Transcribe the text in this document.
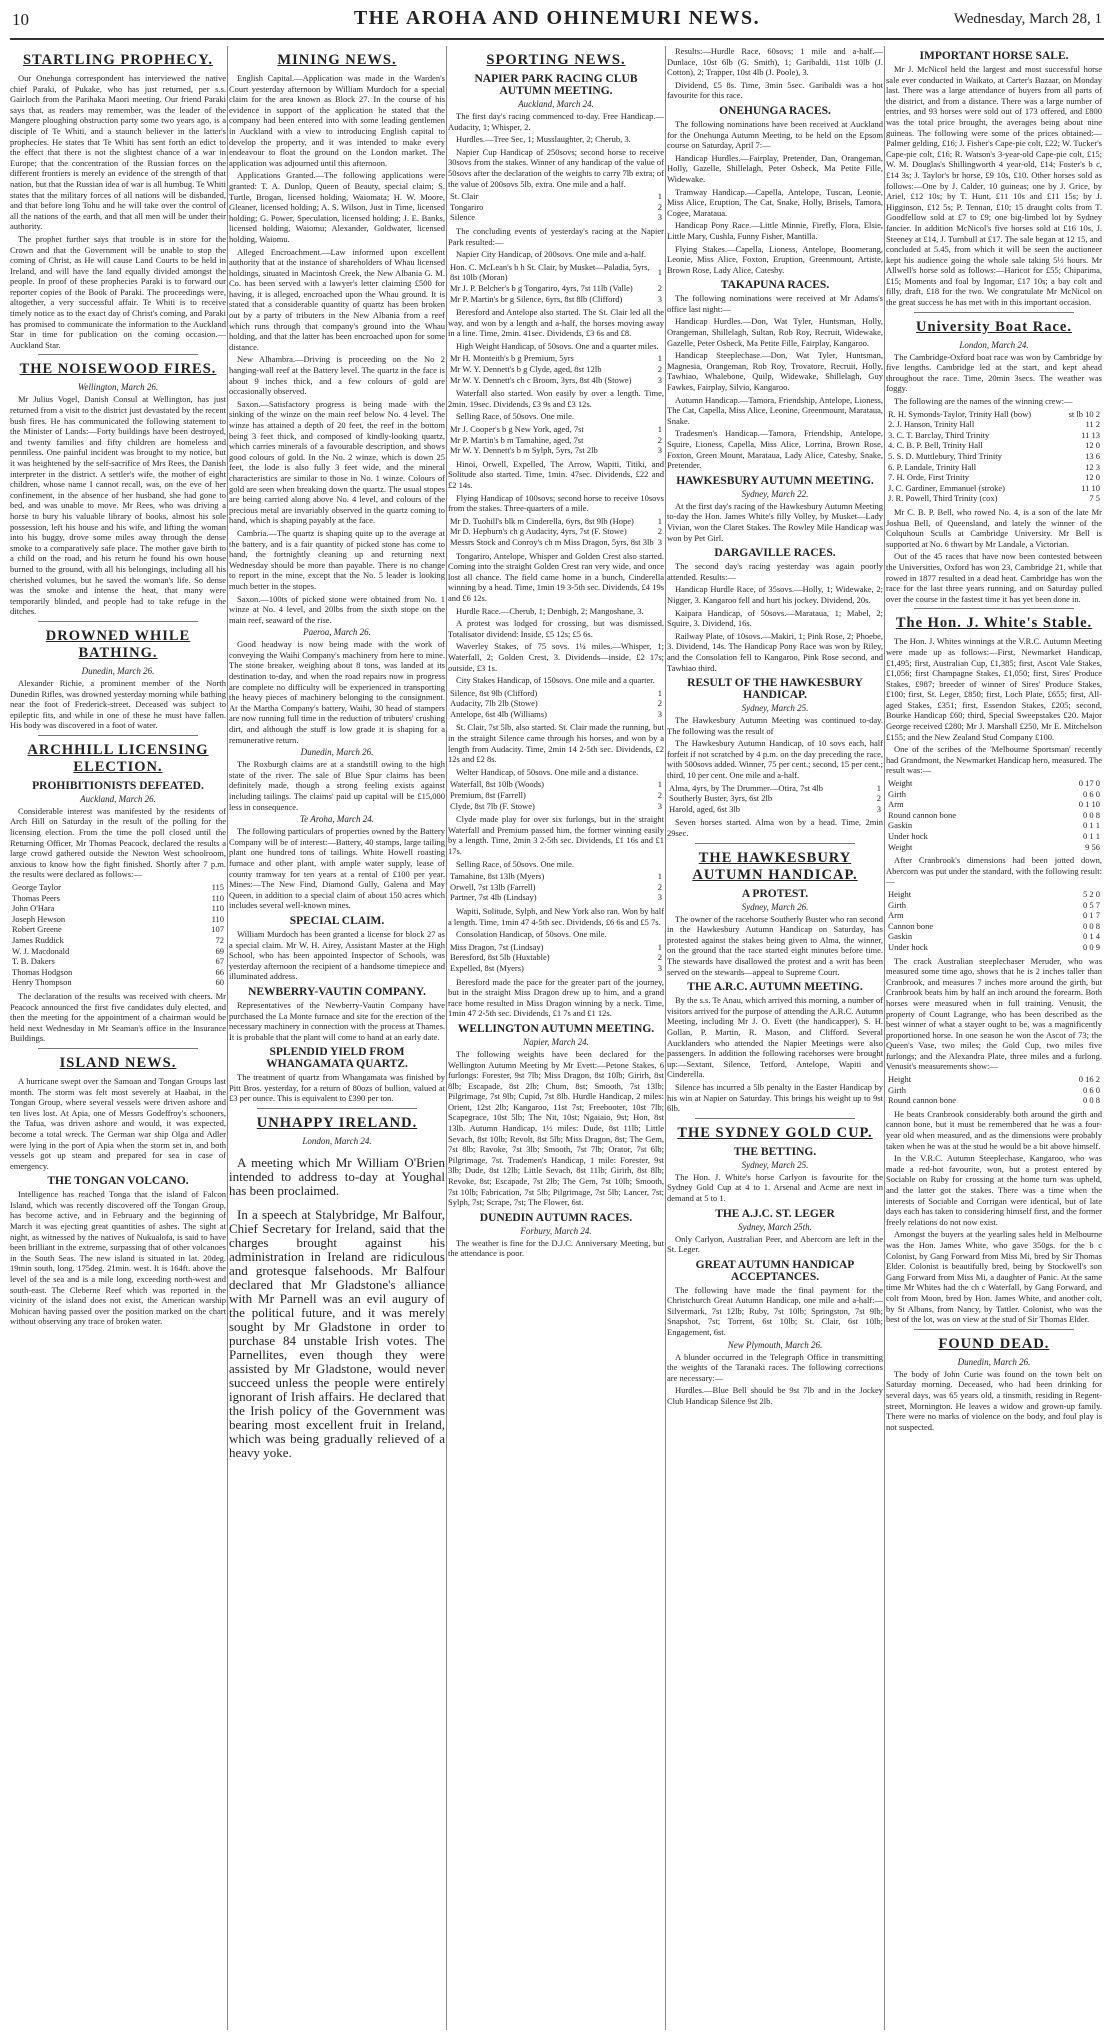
10	THE AROHA AND OHINEMURI NEWS.	Wednesday, March 28, 1
STARTLING PROPHECY.

Our Onehunga correspondent has interviewed the native chief Paraki, of Pukake, who has just returned, per s.s. Gairloch from the Parihaka Maori meeting. Our friend Paraki says that, as readers may remember, was the leader of the Mangere ploughing obstruction party some two years ago, is a disciple of Te Whiti, and a staunch believer in the latter's prophecies. He states that Te Whiti has sent forth an edict to the effect that there is not the slightest chance of a war in Europe; that the concentration of the Russian forces on the different frontiers is merely an evidence of the strength of that nation, but that the Russian idea of war is all humbug. Te Whiti states that the military forces of all nations will be disbanded, and that before long Tohu and he will take over the control of all the nations of the earth, and that all men will be under their authority.

The prophet further says that trouble is in store for the Crown and that the Government will be unable to stop the coming of Christ, as He will cause Land Courts to be held in Ireland, and will have the land equally divided amongst the people. In proof of these prophecies Paraki is to forward our reporter copies of the Book of Paraki. The proceedings were, altogether, a very successful affair. Te Whiti is to receive timely notice as to the exact day of Christ's coming, and Paraki has promised to communicate the information to the Auckland Star in time for publication on the coming occasion.—Auckland Star.

THE NOISEWOOD FIRES.
Wellington, March 26.

Mr Julius Vogel, Danish Consul at Wellington, has just returned from a visit to the district just devastated by the recent bush fires. He has communicated the following statement to the Minister of Lands:—Forty buildings have been destroyed, and twenty families and fifty children are homeless and penniless. One painful incident was brought to my notice, but it was heightened by the self-sacrifice of Mrs Rees, the Danish interpreter in the district. A settler's wife, the mother of eight children, whose name I cannot recall, was, on the eve of her confinement, in the absence of her husband, she had gone to bed, and was unable to move. Mr Rees, who was driving a horse to bury his valuable library of books, almost his sole possession, left his house and his wife, and lifting the woman into his buggy, drove some miles away through the dense smoke to a comparatively safe place. The mother gave birth to a child on the road, and his return he found his own house burned to the ground, with all his belongings, including all his cherished volumes, but he saved the woman's life. So dense was the smoke and intense the heat, that many were temporarily blinded, and people had to take refuge in the ditches.

DROWNED WHILE BATHING.
Dunedin, March 26.

Alexander Richie, a prominent member of the North Dunedin Rifles, was drowned yesterday morning while bathing near the foot of Frederick-street. Deceased was subject to epileptic fits, and while in one of these he must have fallen. His body was discovered in a foot of water.

ARCHHILL LICENSING ELECTION.
PROHIBITIONISTS DEFEATED.
Auckland, March 26.

Considerable interest was manifested by the residents of Arch Hill on Saturday in the result of the polling for the licensing election. From the time the poll closed until the Returning Officer, Mr Thomas Peacock, declared the results a large crowd gathered outside the Newton West schoolroom, anxious to know how the fight finished. Shortly after 7 p.m. the results were declared as follows:—

George Taylor	115
Thomas Peers	110
John O'Hara	110
Joseph Hewson	110
Robert Greene	107
James Ruddick	72
W. J. Macdonald	69
T. B. Dakers	67
Thomas Hodgson	66
Henry Thompson	60

The declaration of the results was received with cheers. Mr Peacock announced the first five candidates duly elected, and then the meeting for the appointment of a chairman would be held next Wednesday in Mr Seaman's office in the Insurance Buildings.

ISLAND NEWS.

A hurricane swept over the Samoan and Tongan Groups last month. The storm was felt most severely at Haabai, in the Tongan Group, where several vessels were driven ashore and ten lives lost. At Apia, one of Messrs Godeffroy's schooners, the Tafua, was driven ashore and would, it was expected, become a total wreck. The German war ship Olga and Adler were lying in the port of Apia when the storm set in, and both vessels got up steam and prepared for sea in case of emergency.

THE TONGAN VOLCANO.

Intelligence has reached Tonga that the island of Falcon Island, which was recently discovered off the Tongan Group, has become active, and in February and the beginning of March it was ejecting great quantities of ashes. The sight at night, as witnessed by the natives of Nukualofa, is said to have been brilliant in the extreme, surpassing that of other volcanoes in the South Seas. The new island is situated in lat. 20deg. 19min south, long. 175deg. 21min. west. It is 164ft. above the level of the sea and is a mile long, exceeding north-west and south-east. The Cleberne Reef which was reported in the vicinity of the island does not exist, the American warship Mohican having passed over the position marked on the chart without observing any trace of broken water.

MINING NEWS.

English Capital.—Application was made in the Warden's Court yesterday afternoon by William Murdoch for a special claim for the area known as Block 27. In the course of his evidence in support of the application he stated that the company had been entered into with some leading gentlemen in Auckland with a view to introducing English capital to develop the property, and it was intended to make every endeavour to float the ground on the London market. The application was adjourned until this afternoon.

Applications Granted.—The following applications were granted: T. A. Dunlop, Queen of Beauty, special claim; S. Turtle, Brogan, licensed holding, Waiomata; H. W. Moore, Gleaner, licensed holding; A. S. Wilson, Just in Time, licensed holding; G. Power, Speculation, licensed holding; J. E. Banks, licensed holding, Waiomu; Alexander, Goldwater, licensed holding, Waiomu.

Alleged Encroachment.—Law informed upon excellent authority that at the instance of shareholders of Whau licensed holdings, situated in Macintosh Creek, the New Albania G. M. Co. has been served with a lawyer's letter claiming £500 for having, it is alleged, encroached upon the Whau ground. It is stated that a considerable quantity of quartz has been broken out by a party of tributers in the New Albania from a reef which runs through that company's ground into the Whau holding, and that the latter has been encroached upon for some distance.

New Alhambra.—Driving is proceeding on the No 2 hanging-wall reef at the Battery level. The quartz in the face is about 9 inches thick, and a few colours of gold are occasionally observed.

Saxon.—Satisfactory progress is being made with the sinking of the winze on the main reef below No. 4 level. The winze has attained a depth of 20 feet, the reef in the bottom being 3 feet thick, and composed of kindly-looking quartz, which carries minerals of a favourable description, and shows good colours of gold. In the No. 2 winze, which is down 25 feet, the lode is also fully 3 feet wide, and the mineral characteristics are similar to those in No. 1 winze. Colours of gold are seen when breaking down the quartz. The usual stopes are being carried along above No. 4 level, and colours of the precious metal are invariably observed in the quartz coming to hand, which is shaping payably at the face.

Cambria.—The quartz is shaping quite up to the average at the battery, and is a fair quantity of picked stone has come to hand, the fortnightly cleaning up and returning next Wednesday should be more than payable. There is no change to report in the mine, except that the No. 5 leader is looking much better in the stopes.

Saxon.—100ts of picked stone were obtained from No. 1 winze at No. 4 level, and 20lbs from the sixth stope on the main reef, seaward of the rise.

Paeroa, March 26.

Good headway is now being made with the work of conveying the Waihi Company's machinery from here to mine. The stone breaker, weighing about 8 tons, was landed at its destination to-day, and when the road repairs now in progress are complete no difficulty will be experienced in transporting the heavy pieces of machinery belonging to the consignment. At the Martha Company's battery, Waihi, 30 head of stampers are now running full time in the reduction of tributers' crushing dirt, and although the stuff is low grade it is shaping for a remunerative return.

Dunedin, March 26.

The Roxburgh claims are at a standstill owing to the high state of the river. The sale of Blue Spur claims has been definitely made, though a strong feeling exists against including tailings. The claims' paid up capital will be £15,000 less in consequence.

Te Aroha, March 24.

The following particulars of properties owned by the Battery Company will be of interest:—Battery, 40 stamps, large tailing plant one hundred tons of tailings. White Howell roasting furnace and other plant, with ample water supply, lease of county tramway for ten years at a rental of £100 per year. Mines:—The New Find, Diamond Gully, Galena and May Queen, in addition to a special claim of about 150 acres which includes several well-known mines.

SPECIAL CLAIM.

William Murdoch has been granted a license for block 27 as a special claim. Mr W. H. Airey, Assistant Master at the High School, who has been appointed Inspector of Schools, was yesterday afternoon the recipient of a handsome timepiece and illuminated address.

NEWBERRY-VAUTIN COMPANY.

Representatives of the Newberry-Vautin Company have purchased the La Monte furnace and site for the erection of the necessary machinery in connection with the process at Thames. It is probable that the plant will come to hand at an early date.

SPLENDID YIELD FROM WHANGAMATA QUARTZ.

The treatment of quartz from Whangamata was finished by Pitt Bros. yesterday, for a return of 80ozs of bullion, valued at £3 per ounce. This is equivalent to £390 per ton.

UNHAPPY IRELAND.
London, March 24.

A meeting which Mr William O'Brien intended to address to-day at Youghal has been proclaimed.

In a speech at Stalybridge, Mr Balfour, Chief Secretary for Ireland, said that the charges brought against his administration in Ireland are ridiculous and grotesque falsehoods. Mr Balfour declared that Mr Gladstone's alliance with Mr Parnell was an evil augury of the political future, and it was merely sought by Mr Gladstone in order to purchase 84 unstable Irish votes. The Parnellites, even though they were assisted by Mr Gladstone, would never succeed unless the people were entirely ignorant of Irish affairs. He declared that the Irish policy of the Government was bearing most excellent fruit in Ireland, which was being gradually relieved of a heavy yoke.

SPORTING NEWS.
NAPIER PARK RACING CLUB AUTUMN MEETING.
Auckland, March 24.

The first day's racing commenced to-day. Free Handicap.—Audacity, 1; Whisper, 2.

Hurdles.—Tree Sec, 1; Musslaughter, 2; Cherub, 3.

Napier Cup Handicap of 250sovs; second horse to receive 30sovs from the stakes. Winner of any handicap of the value of 50sovs after the declaration of the weights to carry 7lb extra; of the value of 200sovs 5lb, extra. One mile and a half.

St. Clair	1
Tongariro	2
Silence	3

The concluding events of yesterday's racing at the Napier Park resulted:—

Napier City Handicap, of 200sovs. One mile and a-half.

Hon. C. McLean's b h St. Clair, by Musket—Paladia, 5yrs, 8st 10lb (Moran)	1
Mr J. P. Belcher's b g Tongariro, 4yrs, 7st 11lb (Valle)	2
Mr P. Martin's br g Silence, 6yrs, 8st 8lb (Clifford)	3

Beresford and Antelope also started. The St. Clair led all the way, and won by a length and a-half, the horses moving away in a line. Time, 2min. 41sec. Dividends, £3 6s and £8.

High Weight Handicap, of 50sovs. One and a quarter miles.

Mr H. Monteith's b g Premium, 5yrs	1
Mr W. Y. Dennett's b g Clyde, aged, 8st 12lb	2
Mr W. Y. Dennett's ch c Broom, 3yrs, 8st 4lb (Stowe)	3

Waterfall also started. Won easily by over a length. Time, 2min. 19sec. Dividends, £3 9s and £3 12s.

Selling Race, of 50sovs. One mile.

Mr J. Cooper's b g New York, aged, 7st	1
Mr P. Martin's b m Tamahine, aged, 7st	2
Mr W. Y. Dennett's b m Sylph, 5yrs, 7st 2lb	3

Hinoi, Orwell, Expelled, The Arrow, Wapiti, Titiki, and Solitude also started. Time, 1min. 47sec. Dividends, £22 and £2 14s.

Flying Handicap of 100sovs; second horse to receive 10sovs from the stakes. Three-quarters of a mile.

Mr D. Tuohill's blk m Cinderella, 6yrs, 8st 9lb (Hope)	1
Mr D. Hepburn's ch g Audacity, 4yrs, 7st (F. Stowe)	2
Messrs Stock and Conroy's ch m Miss Dragon, 5yrs, 8st 3lb	3

Tongariro, Antelope, Whisper and Golden Crest also started. Coming into the straight Golden Crest ran very wide, and once lost all chance. The field came home in a bunch, Cinderella winning by a head. Time, 1min 19 3-5th sec. Dividends, £4 19s and £6 12s.

Hurdle Race.—Cherub, 1; Denbigh, 2; Mangoshane, 3.

A protest was lodged for crossing, but was dismissed. Totalisator dividend: Inside, £5 12s; £5 6s.

Waverley Stakes, of 75 sovs. 1¼ miles.—Whisper, 1; Waterfall, 2; Golden Crest, 3. Dividends—inside, £2 17s; outside, £3 1s.

City Stakes Handicap, of 150sovs. One mile and a quarter.

Silence, 8st 9lb (Clifford)	1
Audacity, 7lb 2lb (Stowe)	2
Antelope, 6st 4lb (Williams)	3

St. Clair, 7st 5lb, also started. St. Clair made the running, but in the straight Silence came through his horses, and won by a length from Audacity. Time, 2min 14 2-5th sec. Dividends, £2 12s and £2 8s.

Welter Handicap, of 50sovs. One mile and a distance.

Waterfall, 8st 10lb (Woods)	1
Premium, 8st (Farrell)	2
Clyde, 8st 7lb (F. Stowe)	3

Clyde made play for over six furlongs, but in the straight Waterfall and Premium passed him, the former winning easily by a length. Time, 2min 3 2-5th sec. Dividends, £1 16s and £1 17s.

Selling Race, of 50sovs. One mile.

Tamahine, 8st 13lb (Myers)	1
Orwell, 7st 13lb (Farrell)	2
Partner, 7st 4lb (Lindsay)	3

Wapiti, Solitude, Sylph, and New York also ran. Won by half a length. Time, 1min 47 4-5th sec. Dividends, £6 6s and £5 7s.

Consolation Handicap, of 50sovs. One mile.

Miss Dragon, 7st (Lindsay)	1
Beresford, 8st 5lb (Huxtable)	2
Expelled, 8st (Myers)	3

Beresford made the pace for the greater part of the journey, but in the straight Miss Dragon drew up to him, and a grand race home resulted in Miss Dragon winning by a neck. Time, 1min 47 2-5th sec. Dividends, £1 7s and £1 12s.

WELLINGTON AUTUMN MEETING.
Napier, March 24.

The following weights have been declared for the Wellington Autumn Meeting by Mr Evett:—Petone Stakes, 6 furlongs: Forester, 9st 7lb; Miss Dragon, 8st 10lb; Girirh, 8st 8lb; Escapade, 8st 2lb; Chum, 8st; Smooth, 7st 13lb; Pilgrimage, 7st 9lb; Cupid, 7st 8lb. Hurdle Handicap, 2 miles: Orient, 12st 2lb; Kangaroo, 11st 7st; Freebooter, 10st 7lb; Scapegrace, 10st 5lb; The Nit, 10st; Ngaiaio, 9st; Hon, 8st 13lb. Autumn Handicap, 1½ miles: Dude, 8st 11lb; Little Sevach, 8st 10lb; Revolt, 8st 5lb; Miss Dragon, 8st; The Gem, 7st 8lb; Ravoke, 7st 3lb; Smooth, 7st 7lb; Orator, 7st 6lb; Pilgrimage, 7st. Trademen's Handicap, 1 mile: Forester, 9st 3lb; Dude, 8st 12lb; Little Sevach, 8st 11lb; Girirh, 8st 8lb; Revoke, 8st; Escapade, 7st 2lb; The Gem, 7st 10lb; Smooth, 7st 10lb; Fabrication, 7st 5lb; Pilgrimage, 7st 5lb; Lancer, 7st; Sylph, 7st; Scrape, 7st; The Flower, 6st.

DUNEDIN AUTUMN RACES.
Forbury, March 24.

The weather is fine for the D.J.C. Anniversary Meeting, but the attendance is poor.

Results:—Hurdle Race, 60sovs; 1 mile and a-half.—Dunlace, 10st 6lb (G. Smith), 1; Garibaldi, 11st 10lb (J. Cotton), 2; Trapper, 10st 4lb (J. Poole), 3.

Dividend, £5 8s. Time, 3min 5sec. Garibaldi was a hot favourite for this race.

ONEHUNGA RACES.

The following nominations have been received at Auckland for the Onehunga Autumn Meeting, to be held on the Epsom course on Saturday, April 7:—

Handicap Hurdles.—Fairplay, Pretender, Dan, Orangeman, Holly, Gazelle, Shillelagh, Peter Osbeck, Ma Petite Fille, Widewake.

Tramway Handicap.—Capella, Antelope, Tuscan, Leonie, Miss Alice, Eruption, The Cat, Snake, Holly, Brisels, Tamora, Cogee, Marataua.

Handicap Pony Race.—Little Minnie, Firefly, Flora, Elsie, Little Mary, Cushla, Funny Fisher, Mantilla.

Flying Stakes.—Capella, Lioness, Antelope, Boomerang, Leonie, Miss Alice, Foxton, Eruption, Greenmount, Artiste, Brown Rose, Lady Alice, Catesby.

TAKAPUNA RACES.

The following nominations were received at Mr Adams's office last night:—

Handicap Hurdles.—Don, Wat Tyler, Huntsman, Holly, Orangeman, Shillelagh, Sultan, Rob Roy, Recruit, Widewake, Gazelle, Peter Osbeck, Ma Petite Fille, Fairplay, Kangaroo.

Handicap Steeplechase.—Don, Wat Tyler, Huntsman, Magnesia, Orangeman, Rob Roy, Trovatore, Recruit, Holly, Tawhiao, Whalebone, Quilp, Widewake, Shillelagh, Guy Fawkes, Fairplay, Silvio, Kangaroo.

Autumn Handicap.—Tamora, Friendship, Antelope, Lioness, The Cat, Capella, Miss Alice, Leonine, Greenmount, Marataua, Snake.

Tradesmen's Handicap.—Tamora, Friendship, Antelope, Squire, Lioness, Capella, Miss Alice, Lorrina, Brown Rose, Foxton, Green Mount, Marataua, Lady Alice, Catesby, Snake, Pretender.

HAWKESBURY AUTUMN MEETING.
Sydney, March 22.

At the first day's racing of the Hawkesbury Autumn Meeting to-day the Hon. James White's filly Volley, by Musket—Lady Vivian, won the Claret Stakes. The Rowley Mile Handicap was won by Pet Girl.

DARGAVILLE RACES.

The second day's racing yesterday was again poorly attended. Results:—

Handicap Hurdle Race, of 35sovs.—Holly, 1; Widewake, 2; Nigger, 3. Kangaroo fell and hurt his jockey. Dividend, 20s.

Kaipara Handicap, of 50sovs.—Marataua, 1; Mabel, 2; Squire, 3. Dividend, 16s.

Railway Plate, of 10sovs.—Makiri, 1; Pink Rose, 2; Phoebe, 3. Dividend, 14s. The Handicap Pony Race was won by Riley, and the Consolation fell to Kangaroo, Pink Rose second, and Tawhiao third.

RESULT OF THE HAWKESBURY HANDICAP.
Sydney, March 25.

The Hawkesbury Autumn Meeting was continued to-day. The following was the result of

The Hawkesbury Autumn Handicap, of 10 sovs each, half forfeit if not scratched by 4 p.m. on the day preceding the race, with 500sovs added. Winner, 75 per cent.; second, 15 per cent.; third, 10 per cent. One mile and a-half.

Alma, 4yrs, by The Drummer—Otira, 7st 4lb	1
Southerly Buster, 3yrs, 6st 2lb	2
Harold, aged, 6st 3lb	3

Seven horses started. Alma won by a head. Time, 2min 29sec.

THE HAWKESBURY AUTUMN HANDICAP.
A PROTEST.
Sydney, March 26.

The owner of the racehorse Southerly Buster who ran second in the Hawkesbury Autumn Handicap on Saturday, has protested against the stakes being given to Alma, the winner, on the ground that the race started eight minutes before time. The stewards have disallowed the protest and a writ has been served on the stewards—appeal to Supreme Court.

THE A.R.C. AUTUMN MEETING.

By the s.s. Te Anau, which arrived this morning, a number of visitors arrived for the purpose of attending the A.R.C. Autumn Meeting, including Mr J. O. Evett (the handicapper), S. H. Gollan, P. Martin, R. Mason, and Clifford. Several Aucklanders who attended the Napier Meetings were also passengers. In addition the following racehorses were brought up:—Sextant, Silence, Tetford, Antelope, Wapiti and Cinderella.

Silence has incurred a 5lb penalty in the Easter Handicap by his win at Napier on Saturday. This brings his weight up to 9st 6lb.

THE SYDNEY GOLD CUP.
THE BETTING.
Sydney, March 25.

The Hon. J. White's horse Carlyon is favourite for the Sydney Gold Cup at 4 to 1. Arsenal and Acme are next in demand at 5 to 1.

THE A.J.C. ST. LEGER
Sydney, March 25th.

Only Carlyon, Australian Peer, and Abercorn are left in the St. Leger.

GREAT AUTUMN HANDICAP ACCEPTANCES.

The following have made the final payment for the Christchurch Great Autumn Handicap, one mile and a-half:—Silvermark, 7st 12lb; Ruby, 7st 10lb; Springston, 7st 9lb; Snapshot, 7st; Torrent, 6st 10lb; St. Clair, 6st 10lb; Engagement, 6st.

New Plymouth, March 26.

A blunder occurred in the Telegraph Office in transmitting the weights of the Taranaki races. The following corrections are necessary:—

Hurdles.—Blue Bell should be 9st 7lb and in the Jockey Club Handicap Silence 9st 2lb.

IMPORTANT HORSE SALE.

Mr J. McNicol held the largest and most successful horse sale ever conducted in Waikato, at Carter's Bazaar, on Monday last. There was a large attendance of buyers from all parts of the district, and from a distance. There was a large number of entries, and 93 horses were sold out of 173 offered, and £800 was the total price brought, the averages being about nine guineas. The following were some of the prices obtained:—Palmer gelding, £16; J. Fisher's Cape-pie colt, £22; W. Tucker's Cape-pie colt, £16; R. Watson's 3-year-old Cape-pie colt, £15; W. M. Douglas's Shillingworth 4 year-old, £14; Foster's b c, £14 3s; J. Taylor's br horse, £9 10s, £10. Other horses sold as follows:—One by J. Calder, 10 guineas; one by J. Grice, by Ariel, £12 10s; by T. Hunt, £11 10s and £11 15s; by J. Higginson, £12 5s; P. Tennan, £10; 15 draught colts from T. Goodfellow sold at £7 to £9; one big-limbed lot by Sydney fancier. In addition McNicol's five horses sold at £16 10s, J. Steeney at £14, J. Turnbull at £17. The sale began at 12 15, and concluded at 5.45, from which it will be seen the auctioneer kept his audience going the whole sale taking 5½ hours. Mr Allwell's horse sold as follows:—Haricot for £55; Chiparima, £15; Moments and foal by Ingomar, £17 10s; a bay colt and filly, draft, £18 for the two. We congratulate Mr McNicol on the great success he has met with in this important occasion.

University Boat Race.
London, March 24.

The Cambridge-Oxford boat race was won by Cambridge by five lengths. Cambridge led at the start, and kept ahead throughout the race. Time, 20min 3secs. The weather was foggy.

The following are the names of the winning crew:—

R. H. Symonds-Taylor, Trinity Hall (bow)	st lb 10 2
2. J. Hanson, Trinity Hall	11 2
3. C. T. Barclay, Third Trinity	11 13
4. C. B. P. Bell, Trinity Hall	12 0
5. S. D. Muttlebury, Third Trinity	13 6
6. P. Landale, Trinity Hall	12 3
7. H. Orde, First Trinity	12 0
J. C. Gardiner, Emmanuel (stroke)	11 10
J. R. Powell, Third Trinity (cox)	7 5

Mr C. B. P. Bell, who rowed No. 4, is a son of the late Mr Joshua Bell, of Queensland, and lately the winner of the Colquhoun Sculls at Cambridge University. Mr Bell is supported at No. 6 thwart by Mr Landale, a Victorian.

Out of the 45 races that have now been contested between the Universities, Oxford has won 23, Cambridge 21, while that rowed in 1877 resulted in a dead heat. Cambridge has won the race for the last three years running, and on Saturday pulled over the course in the fastest time it has yet been done in.

The Hon. J. White's Stable.

The Hon. J. Whites winnings at the V.R.C. Autumn Meeting were made up as follows:—First, Newmarket Handicap, £1,495; first, Australian Cup, £1,385; first, Ascot Vale Stakes, £1,056; first Champagne Stakes, £1,050; first, Sires' Produce Stakes, £987; breeder of winner of Sires' Produce Stakes, £100; first, St. Leger, £850; first, Loch Plate, £655; first, All-aged Stakes, £351; first, Essendon Stakes, £205; second, Bourke Handicap £60; third, Special Sweepstakes £20. Major George received £280; Mr J. Marshall £250, Mr E. Mitchelson £155; and the New Zealand Stud Company £100.

One of the scribes of the 'Melbourne Sportsman' recently had Grandmont, the Newmarket Handicap hero, measured. The result was:—

Weight	0 17 0
Girth	0 6 0
Arm	0 1 10
Round cannon bone	0 0 8
Gaskin	0 1 1
Under hock	0 1 1
Weight	9 56

After Cranbrook's dimensions had been jotted down, Abercorn was put under the standard, with the following result:—

Height	5 2 0
Girth	0 5 7
Arm	0 1 7
Cannon bone	0 0 8
Gaskin	0 1 4
Under hock	0 0 9

The crack Australian steeplechaser Meruder, who was measured some time ago, shows that he is 2 inches taller than Cranbrook, and measures 7 inches more around the girth, but Cranbrook beats him by half an inch around the forearm. Both horses were measured when in full training. Venusit, the property of Count Lagrange, who has been described as the best winner of what a stayer ought to be, was a magnificently proportioned horse. In one season he won the Ascot of 73; the Queen's Vase, two miles; the Gold Cup, two miles five furlongs; and the Alexandra Plate, three miles and a furlong. Venusit's measurements show:—

Height	0 16 2
Girth	0 6 0
Round cannon bone	0 0 8

He beats Cranbrook considerably both around the girth and cannon bone, but it must be remembered that he was a four-year old when measured, and as the dimensions were probably taken when he was at the stud he would be a bit above himself.

In the V.R.C. Autumn Steeplechase, Kangaroo, who was made a red-hot favourite, won, but a protest entered by Sociable on Ruby for crossing at the home turn was upheld, and the latter got the stakes. There was a time when the interests of Sociable and Corrigan were identical, but of late days each has taken to considering himself first, and the former freely relations do not now exist.

Amongst the buyers at the yearling sales held in Melbourne was the Hon. James White, who gave 350gs. for the b c Colonist, by Gang Forward from Miss Mi, bred by Sir Thomas Elder. Colonist is beautifully bred, being by Stockwell's son Gang Forward from Miss Mi, a daughter of Panic. At the same time Mr Whites had the ch c Waterfall, by Gang Forward, and colt from Moon, bred by Hon. James White, and another colt, by St Albans, from Nancy, by Tattler. Colonist, who was the best of the lot, was on view at the stud of Sir Thomas Elder.

FOUND DEAD.
Dunedin, March 26.

The body of John Curie was found on the town belt on Saturday morning. Deceased, who had been drinking for several days, was 65 years old, a tinsmith, residing in Regent-street, Mornington. He leaves a widow and grown-up family. There were no marks of violence on the body, and foul play is not suspected.
